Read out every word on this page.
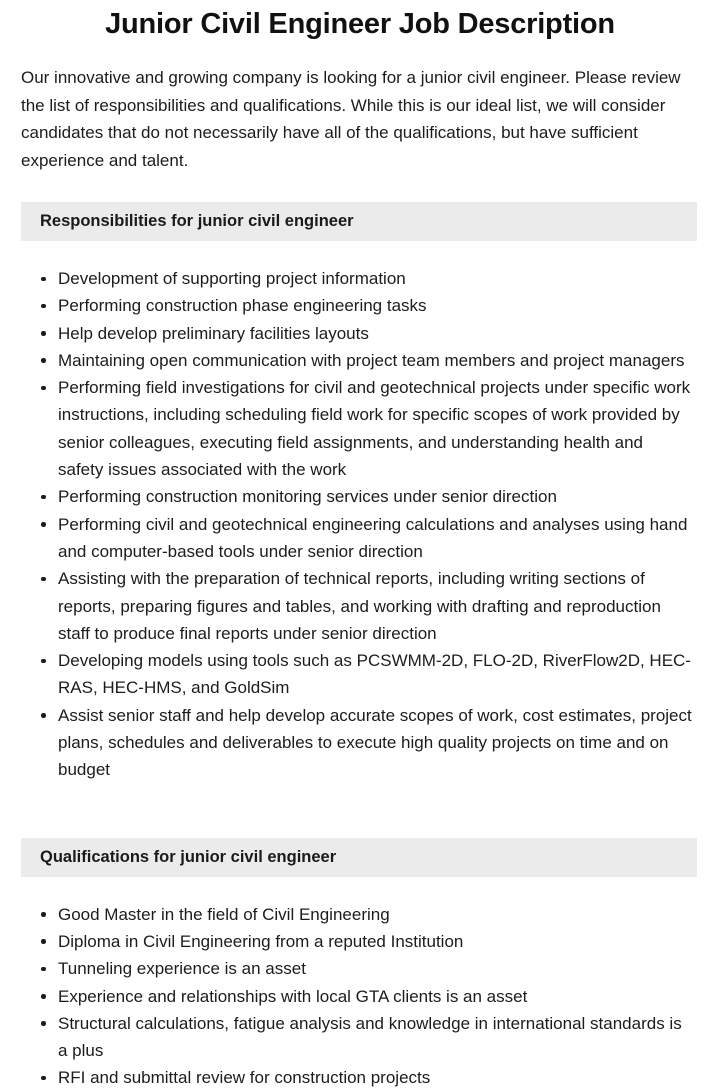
Junior Civil Engineer Job Description

Our innovative and growing company is looking for a junior civil engineer. Please review the list of responsibilities and qualifications. While this is our ideal list, we will consider candidates that do not necessarily have all of the qualifications, but have sufficient experience and talent.

Responsibilities for junior civil engineer
Development of supporting project information
Performing construction phase engineering tasks
Help develop preliminary facilities layouts
Maintaining open communication with project team members and project managers
Performing field investigations for civil and geotechnical projects under specific work instructions, including scheduling field work for specific scopes of work provided by senior colleagues, executing field assignments, and understanding health and safety issues associated with the work
Performing construction monitoring services under senior direction
Performing civil and geotechnical engineering calculations and analyses using hand and computer-based tools under senior direction
Assisting with the preparation of technical reports, including writing sections of reports, preparing figures and tables, and working with drafting and reproduction staff to produce final reports under senior direction
Developing models using tools such as PCSWMM-2D, FLO-2D, RiverFlow2D, HEC-RAS, HEC-HMS, and GoldSim
Assist senior staff and help develop accurate scopes of work, cost estimates, project plans, schedules and deliverables to execute high quality projects on time and on budget
Qualifications for junior civil engineer
Good Master in the field of Civil Engineering
Diploma in Civil Engineering from a reputed Institution
Tunneling experience is an asset
Experience and relationships with local GTA clients is an asset
Structural calculations, fatigue analysis and knowledge in international standards is a plus
RFI and submittal review for construction projects
